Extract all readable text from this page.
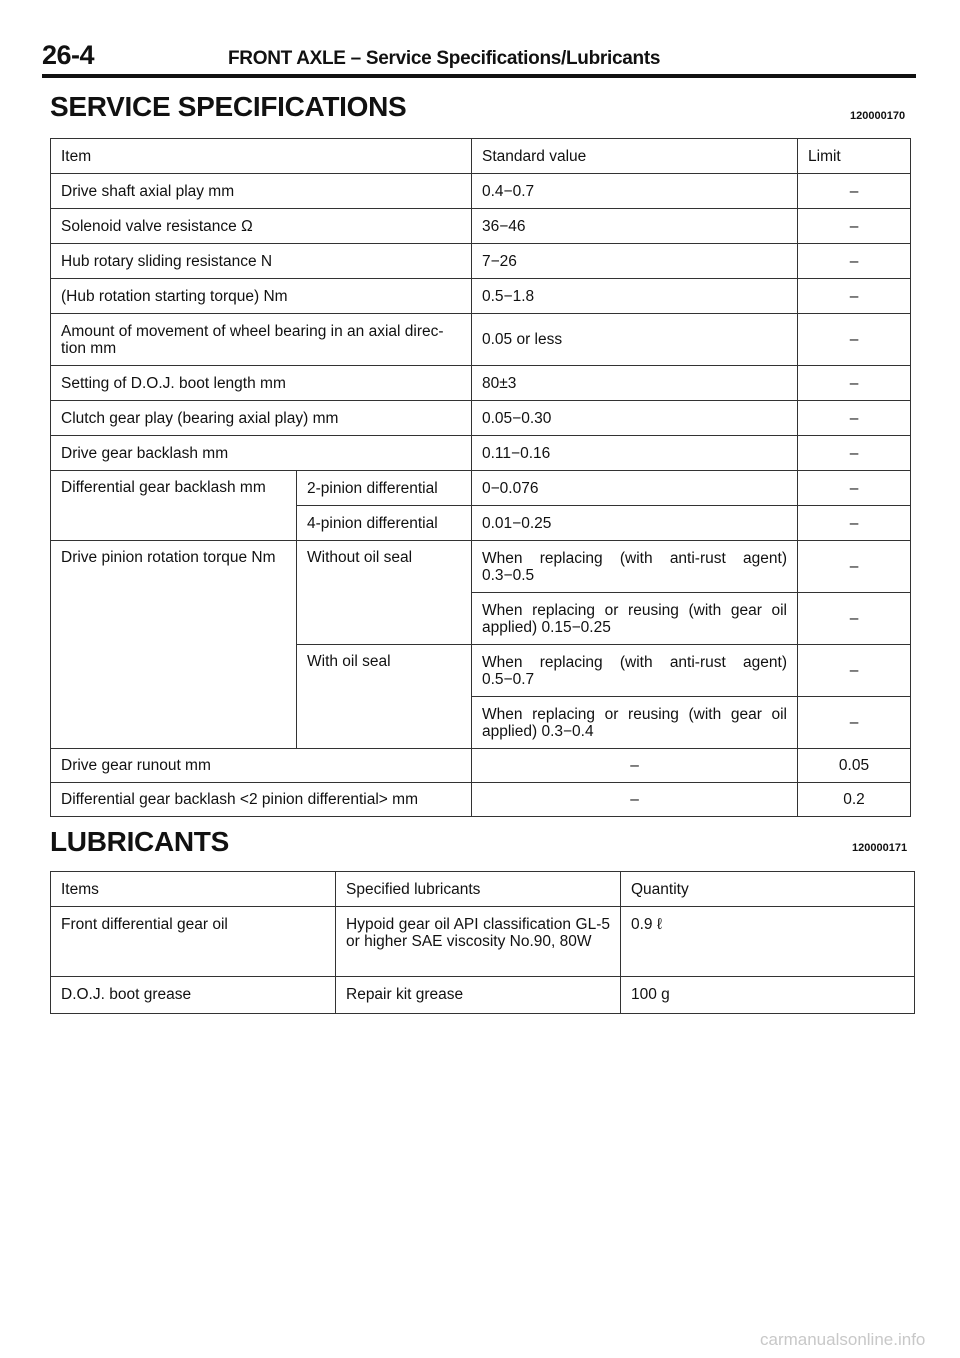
26-4	FRONT AXLE – Service Specifications/Lubricants
SERVICE SPECIFICATIONS	120000170
Item		Standard value	Limit
Drive shaft axial play mm		0.4−0.7	–
Solenoid valve resistance Ω		36−46	–
Hub rotary sliding resistance N		7−26	–
(Hub rotation starting torque) Nm		0.5−1.8	–
Amount of movement of wheel bearing in an axial direc- tion mm		0.05 or less	–
Setting of D.O.J. boot length mm		80±3	–
Clutch gear play (bearing axial play) mm		0.05−0.30	–
Drive gear backlash mm		0.11−0.16	–
Differential gear backlash mm	2-pinion differential	0−0.076	–
	4-pinion differential	0.01−0.25	–
Drive pinion rotation torque Nm	Without oil seal	When replacing (with anti-rust agent) 0.3−0.5	–
		When replacing or reusing (with gear oil applied) 0.15−0.25	–
	With oil seal	When replacing (with anti-rust agent) 0.5−0.7	–
		When replacing or reusing (with gear oil applied) 0.3−0.4	–
Drive gear runout mm		–	0.05
Differential gear backlash <2 pinion differential> mm		–	0.2
LUBRICANTS	120000171
Items	Specified lubricants	Quantity
Front differential gear oil	Hypoid gear oil API classification GL-5 or higher SAE viscosity No.90, 80W	0.9 ℓ
D.O.J. boot grease	Repair kit grease	100 g
carmanualsonline.info
